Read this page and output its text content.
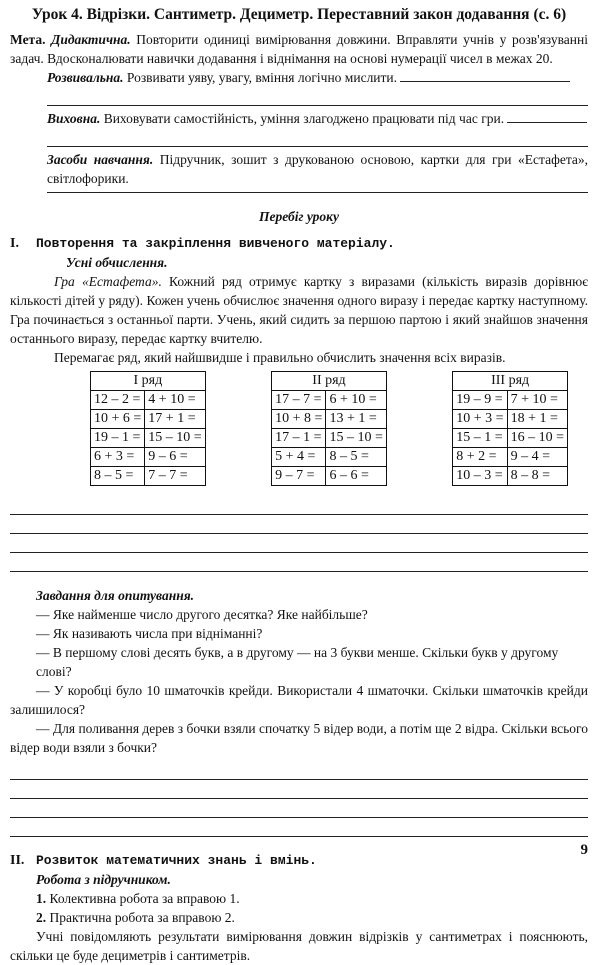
Урок 4. Відрізки. Сантиметр. Дециметр. Переставний закон додавання (с. 6)

Мета. Дидактична. Повторити одиниці вимірювання довжини. Вправляти учнів у розв'язуванні задач. Вдосконалювати навички додавання і віднімання на основі нумерації чисел в межах 20.

Розвивальна. Розвивати уяву, увагу, вміння логічно мислити.

Виховна. Виховувати самостійність, уміння злагоджено працювати під час гри.

Засоби навчання. Підручник, зошит з друкованою основою, картки для гри «Естафета», світлофорики.

Перебіг уроку

I.	Повторення та закріплення вивченого матеріалу.

Усні обчислення.

Гра «Естафета». Кожний ряд отримує картку з виразами (кількість виразів дорівнює кількості дітей у ряду). Кожен учень обчислює значення одного виразу і передає картку наступному. Гра починається з останньої парти. Учень, який сидить за першою партою і який знайшов значення останнього виразу, передає картку вчителю.

Перемагає ряд, який найшвидше і правильно обчислить значення всіх виразів.

I ряд	
12 – 2 =	4 + 10 =
10 + 6 =	17 + 1 =
19 – 1 =	15 – 10 =
6 + 3 =	9 – 6 =
8 – 5 =	7 – 7 =
II ряд	
17 – 7 =	6 + 10 =
10 + 8 =	13 + 1 =
17 – 1 =	15 – 10 =
5 + 4 =	8 – 5 =
9 – 7 =	6 – 6 =
III ряд	
19 – 9 =	7 + 10 =
10 + 3 =	18 + 1 =
15 – 1 =	16 – 10 =
8 + 2 =	9 – 4 =
10 – 3 =	8 – 8 =

Завдання для опитування.

— Яке найменше число другого десятка? Яке найбільше?

— Як називають числа при відніманні?

— В першому слові десять букв, а в другому — на 3 букви менше. Скільки букв у другому слові?

— У коробці було 10 шматочків крейди. Використали 4 шматочки. Скільки шматочків крейди залишилося?

— Для поливання дерев з бочки взяли спочатку 5 відер води, а потім ще 2 відра. Скільки всього відер води взяли з бочки?

II. Розвиток математичних знань і вмінь.

Робота з підручником.

1. Колективна робота за вправою 1.

2. Практична робота за вправою 2.

Учні повідомляють результати вимірювання довжин відрізків у сантиметрах і пояснюють, скільки це буде дециметрів і сантиметрів.

9
